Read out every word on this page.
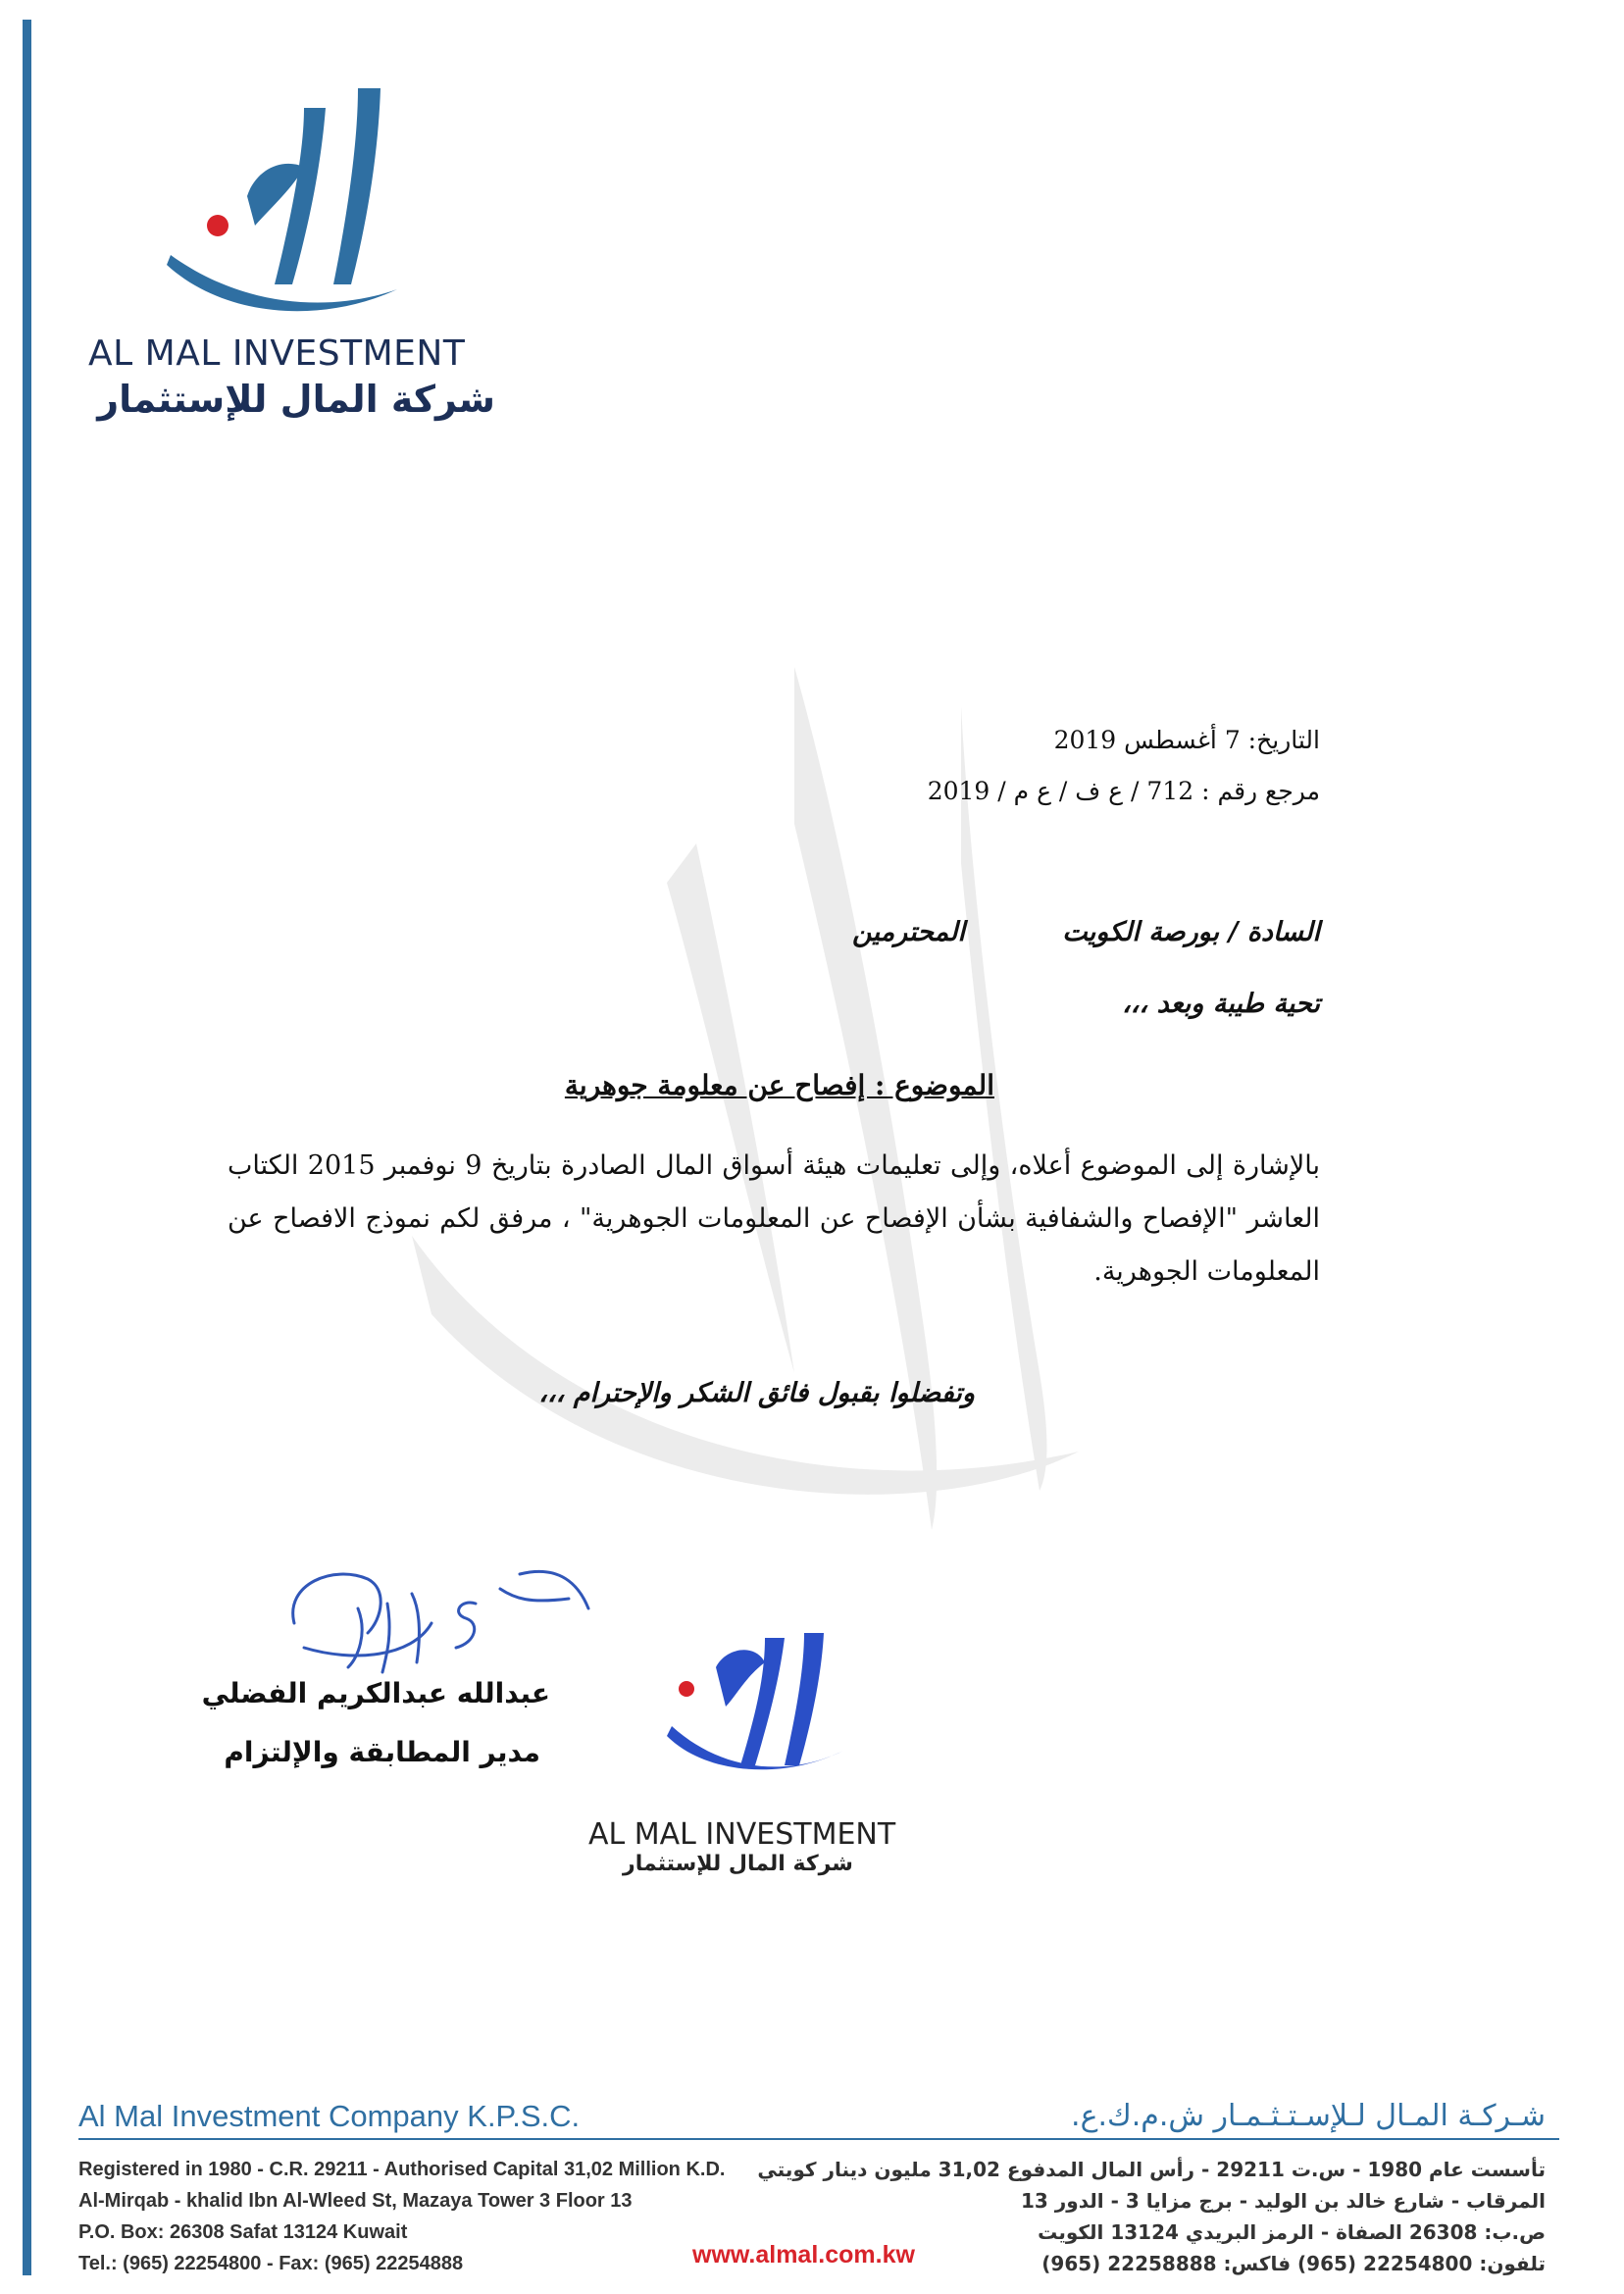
AL MAL INVESTMENT
شركة المال للإستثمار
التاريخ: 7 أغسطس 2019
مرجع رقم : 712 / ع ف / ع م / 2019
السادة / بورصة الكويت
المحترمين
تحية طيبة وبعد ،،،
الموضوع : إفصاح عن معلومة جوهرية
بالإشارة إلى الموضوع أعلاه، وإلى تعليمات هيئة أسواق المال الصادرة بتاريخ 9 نوفمبر 2015 الكتاب العاشر "الإفصاح والشفافية بشأن الإفصاح عن المعلومات الجوهرية" ، مرفق لكم نموذج الافصاح عن المعلومات الجوهرية.
وتفضلوا بقبول فائق الشكر والإحترام ،،،
عبدالله عبدالكريم الفضلي
مدير المطابقة والإلتزام
AL MAL INVESTMENT
شركة المال للإستثمار
Al Mal Investment Company K.P.S.C.	شـركـة المـال لـلإسـتـثـمـار ش.م.ك.ع.
Registered in 1980 - C.R. 29211 - Authorised Capital 31,02 Million K.D.
Al-Mirqab - khalid Ibn Al-Wleed St, Mazaya Tower 3 Floor 13
P.O. Box: 26308 Safat 13124 Kuwait
Tel.: (965) 22254800 - Fax: (965) 22254888
تأسست عام 1980 - س.ت 29211 - رأس المال المدفوع 31,02 مليون دينار كويتي
المرقاب - شارع خالد بن الوليد - برج مزايا 3 - الدور 13
ص.ب: 26308 الصفاة - الرمز البريدي 13124 الكويت
تلفون: 22254800 (965) فاكس: 22258888 (965)
www.almal.com.kw
